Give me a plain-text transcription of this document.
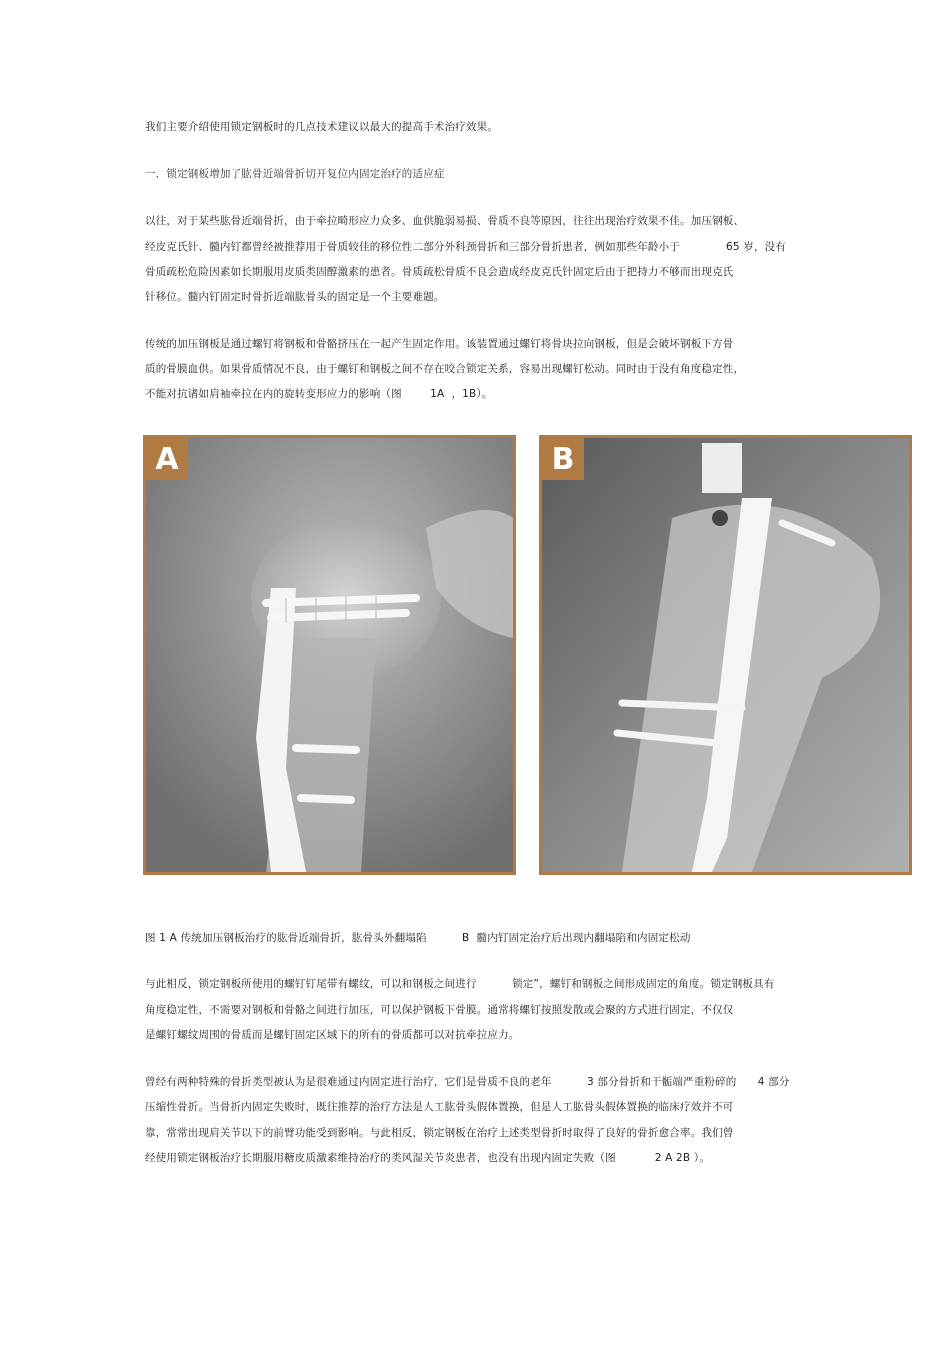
我们主要介绍使用锁定钢板时的几点技术建议以最大的提高手术治疗效果。
一．锁定钢板增加了肱骨近端骨折切开复位内固定治疗的适应症
以往，对于某些肱骨近端骨折，由于牵拉畸形应力众多、血供脆弱易损、骨质不良等原因，往往出现治疗效果不佳。加压钢板、
经皮克氏针、髓内钉都曾经被推荐用于骨质较佳的移位性二部分外科颈骨折和三部分骨折患者，例如那些年龄小于             65 岁，没有
骨质疏松危险因素如长期服用皮质类固醇激素的患者。骨质疏松骨质不良会造成经皮克氏针固定后由于把持力不够而出现克氏
针移位。髓内钉固定时骨折近端肱骨头的固定是一个主要难题。
传统的加压钢板是通过螺钉将钢板和骨骼挤压在一起产生固定作用。该装置通过螺钉将骨块拉向钢板，但是会破坏钢板下方骨
质的骨膜血供。如果骨质情况不良，由于螺钉和钢板之间不存在咬合锁定关系，容易出现螺钉松动。同时由于没有角度稳定性，
不能对抗诸如肩袖牵拉在内的旋转变形应力的影响（图        1A  ，1B）。
A	B
图 1 A 传统加压钢板治疗的肱骨近端骨折，肱骨头外翻塌陷          B  髓内钉固定治疗后出现内翻塌陷和内固定松动
与此相反，锁定钢板所使用的螺钉钉尾带有螺纹，可以和钢板之间进行          锁定”，螺钉和钢板之间形成固定的角度。锁定钢板具有
角度稳定性，不需要对钢板和骨骼之间进行加压，可以保护钢板下骨膜。通常将螺钉按照发散或会聚的方式进行固定，不仅仅
是螺钉螺纹周围的骨质而是螺钉固定区域下的所有的骨质都可以对抗牵拉应力。
曾经有两种特殊的骨折类型被认为是很难通过内固定进行治疗，它们是骨质不良的老年          3 部分骨折和干骺端严重粉碎的      4 部分
压缩性骨折。当骨折内固定失败时，既往推荐的治疗方法是人工肱骨头假体置换，但是人工肱骨头假体置换的临床疗效并不可
靠，常常出现肩关节以下的前臂功能受到影响。与此相反，锁定钢板在治疗上述类型骨折时取得了良好的骨折愈合率。我们曾
经使用锁定钢板治疗长期服用糖皮质激素维持治疗的类风湿关节炎患者，也没有出现内固定失败（图           2 A 2B ）。
